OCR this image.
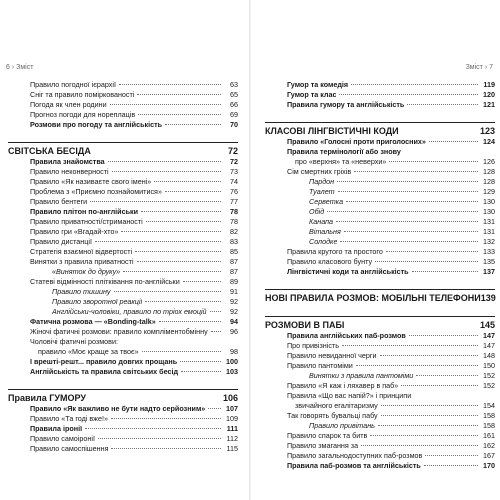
6 › Зміст
Правило погодної ієрархії	63
Сніг та правило поміркованості	65
Погода як член родини	66
Прогноз погоди для нореплаців	69
Розмови про погоду та англійськість	70
СВІТСЬКА БЕСІДА	72
Правила знайомства	72
Правило неконверності	73
Правило «Як називаєте свого імені»	74
Проблема з «Приємно познайомитися»	76
Правило бентеги	77
Правило плітон по-англійськи	78
Правило приватності/стриманості	78
Правило гри «Вгадай-хто»	82
Правило дистанції	83
Стратегія взаємної відвертості	85
Винятки з правила приватності	87
«Виняток до друку»	87
Статеві відмінності плітківання по-англійськи	89
Правило тишину	91
Правило зворотної реакції	92
Англійськи-чоловіки, правило по тріох емоцій	92
Фатична розмова — «Bonding-talk»	94
Жіночі фатичні розмови: правило компліментобмінну	96
Чоловічі фатичні розмови:
правило «Моє краще за твоє»	98
І врешті-решт... правило довгих прощань	100
Англійськість та правила світських бесід	103
Правила ГУМОРУ	106
Правило «Як важливо не бути надто серйозним»	107
Правило «Та годі вже!»	109
Правила іронії	111
Правило самоіронії	112
Правило самоспішення	115
Зміст › 7
Гумор та комедія	119
Гумор та клас	120
Правила гумору та англійськість	121
КЛАСОВІ ЛІНГВІСТИЧНІ КОДИ	123
Правило «Голосні проти приголосних»	124
Правила термінології або знову
про «верхня» та «неверхи»	126
Сім смертних гріхів	128
Пардон	128
Туалет	129
Серветка	130
Обід	130
Канапа	131
Вітальня	131
Солодке	132
Правила крутого та простого	133
Правило класового бунту	135
Лінгвістичні коди та англійськість	137
НОВІ ПРАВИЛА РОЗМОВ: МОБІЛЬНІ ТЕЛЕФОНИ 139
РОЗМОВИ В ПАБІ	145
Правила англійських паб-розмов	147
Про привізність	147
Правило невиданної черги	148
Правило пантоміми	150
Винятки з правила пантоміми	152
Правило «Я каж і ляхавер в паб»	152
Правила «Що вас напій?» і принципи
звичайного егалітаризму	154
Так говорять бувальці пабу	158
Правило привітань	158
Правило спарок та битв	161
Правило змагання за	162
Правило загальнодоступних паб-розмов	167
Правила паб-розмов та англійськість	170
